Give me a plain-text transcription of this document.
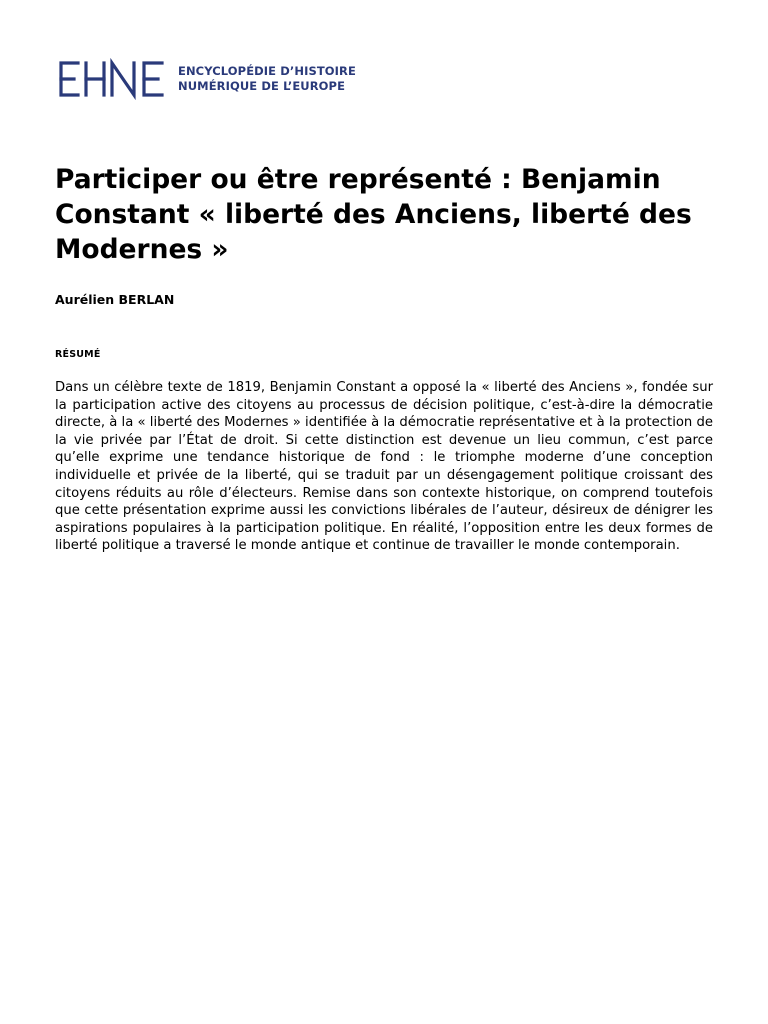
ENCYCLOPÉDIE D’HISTOIRE
NUMÉRIQUE DE L’EUROPE
Participer ou être représenté : Benjamin Constant « liberté des Anciens, liberté des Modernes »

Aurélien BERLAN

RÉSUMÉ

Dans un célèbre texte de 1819, Benjamin Constant a opposé la « liberté des Anciens », fondée sur la participation active des citoyens au processus de décision politique, c’est-à-dire la démocratie directe, à la « liberté des Modernes » identifiée à la démocratie représentative et à la protection de la vie privée par l’État de droit. Si cette distinction est devenue un lieu commun, c’est parce qu’elle exprime une tendance historique de fond : le triomphe moderne d’une conception individuelle et privée de la liberté, qui se traduit par un désengagement politique croissant des citoyens réduits au rôle d’électeurs. Remise dans son contexte historique, on comprend toutefois que cette présentation exprime aussi les convictions libérales de l’auteur, désireux de dénigrer les aspirations populaires à la participation politique. En réalité, l’opposition entre les deux formes de liberté politique a traversé le monde antique et continue de travailler le monde contemporain.
